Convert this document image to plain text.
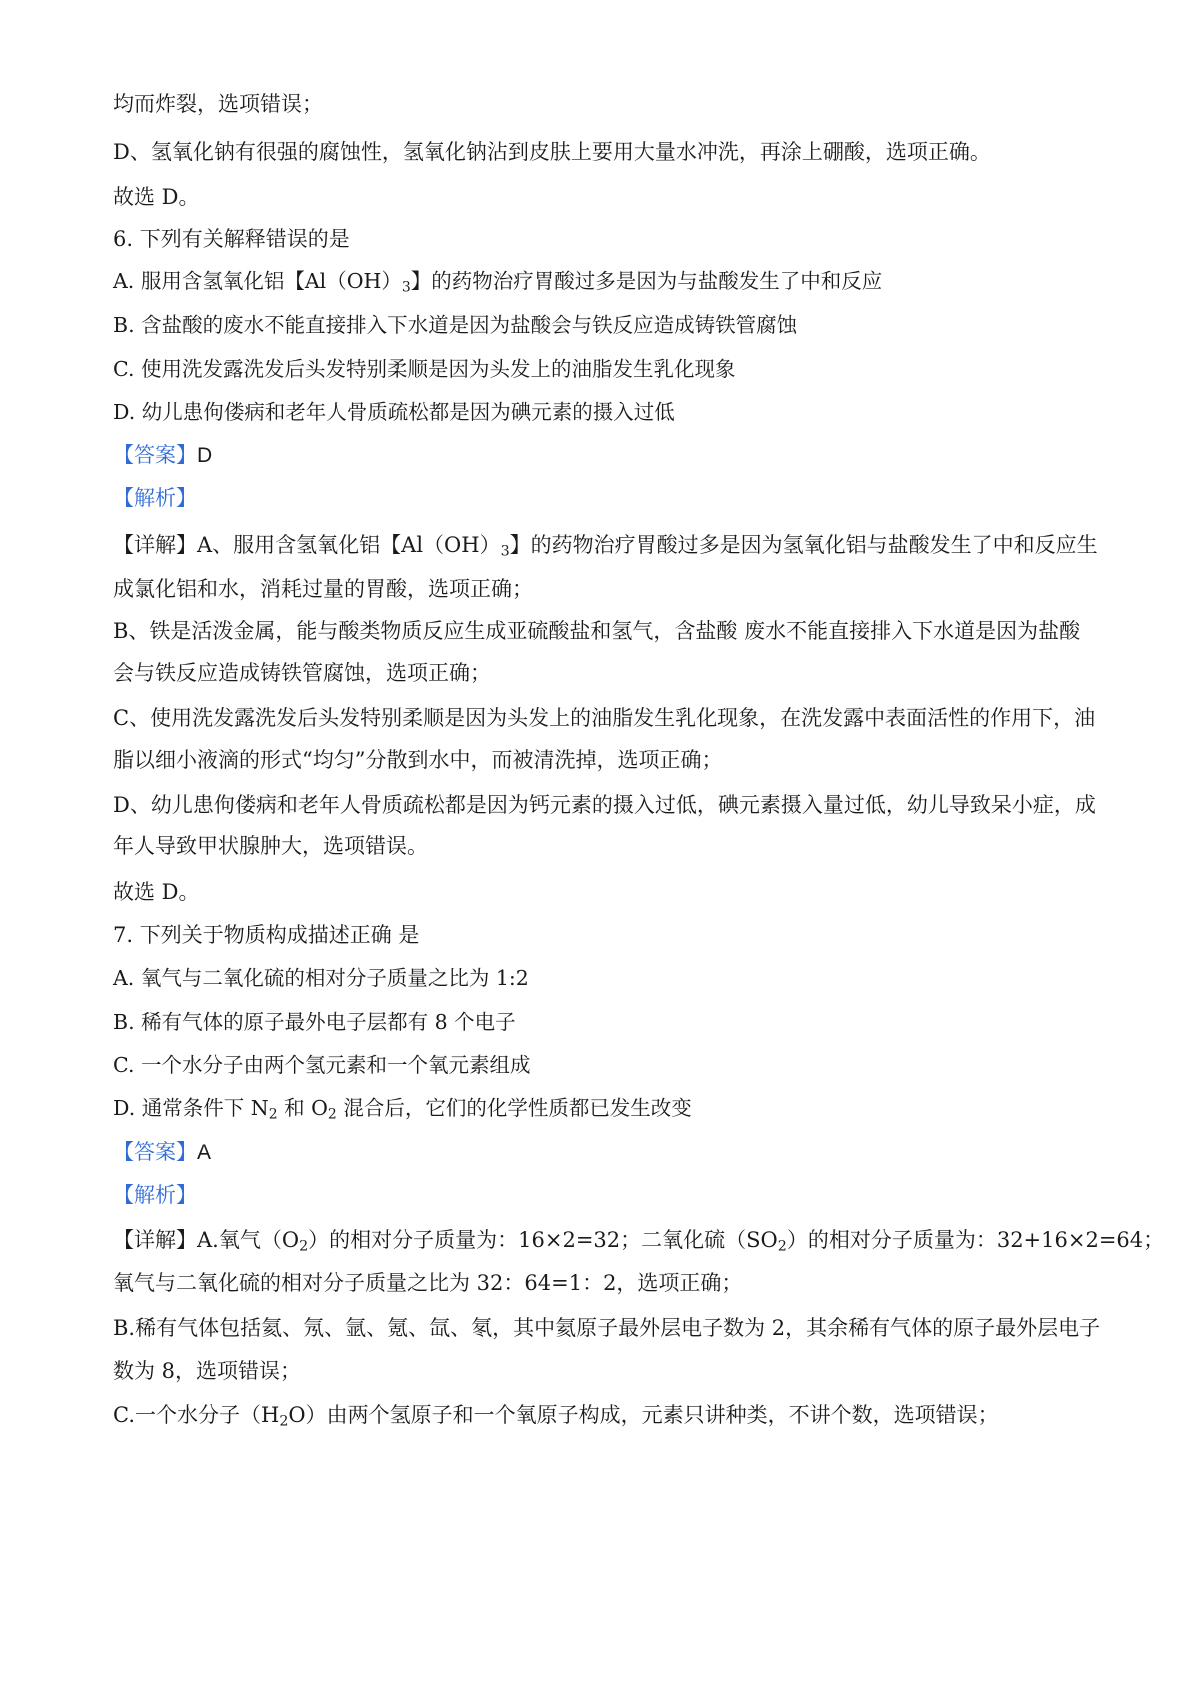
均而炸裂，选项错误；
D、氢氧化钠有很强的腐蚀性，氢氧化钠沾到皮肤上要用大量水冲洗，再涂上硼酸，选项正确。
故选 D。
6. 下列有关解释错误的是
A. 服用含氢氧化铝【$Al(OH)_3$】的药物治疗胃酸过多是因为与盐酸发生了中和反应
B. 含盐酸的废水不能直接排入下水道是因为盐酸会与铁反应造成铸铁管腐蚀
C. 使用洗发露洗发后头发特别柔顺是因为头发上的油脂发生乳化现象
D. 幼儿患佝偻病和老年人骨质疏松都是因为碘元素的摄入过低
【答案】D
【解析】
【详解】A、服用含氢氧化铝【$Al(OH)_3$】的药物治疗胃酸过多是因为氢氧化铝与盐酸发生了中和反应生
成氯化铝和水，消耗过量的胃酸，选项正确；
B、铁是活泼金属，能与酸类物质反应生成亚硫酸盐和氢气，含盐酸 废水不能直接排入下水道是因为盐酸
会与铁反应造成铸铁管腐蚀，选项正确；
C、使用洗发露洗发后头发特别柔顺是因为头发上的油脂发生乳化现象，在洗发露中表面活性的作用下，油
脂以细小液滴的形式“均匀”分散到水中，而被清洗掉，选项正确；
D、幼儿患佝偻病和老年人骨质疏松都是因为钙元素的摄入过低，碘元素摄入量过低，幼儿导致呆小症，成
年人导致甲状腺肿大，选项错误。
故选 D。
7. 下列关于物质构成描述正确 是
A. 氧气与二氧化硫的相对分子质量之比为 1:2
B. 稀有气体的原子最外电子层都有 8 个电子
C. 一个水分子由两个氢元素和一个氧元素组成
D. 通常条件下 $N_2$ 和 $O_2$ 混合后，它们的化学性质都已发生改变
【答案】A
【解析】
【详解】A.氧气$(O_2)$的相对分子质量为：16×2=32；二氧化硫$(SO_2)$的相对分子质量为：32+16×2=64；
氧气与二氧化硫的相对分子质量之比为 32：64=1：2，选项正确；
B.稀有气体包括氦、氖、氩、氪、氙、氡，其中氦原子最外层电子数为 2，其余稀有气体的原子最外层电子
数为 8，选项错误；
C.一个水分子$(H_2O)$由两个氢原子和一个氧原子构成，元素只讲种类，不讲个数，选项错误；
